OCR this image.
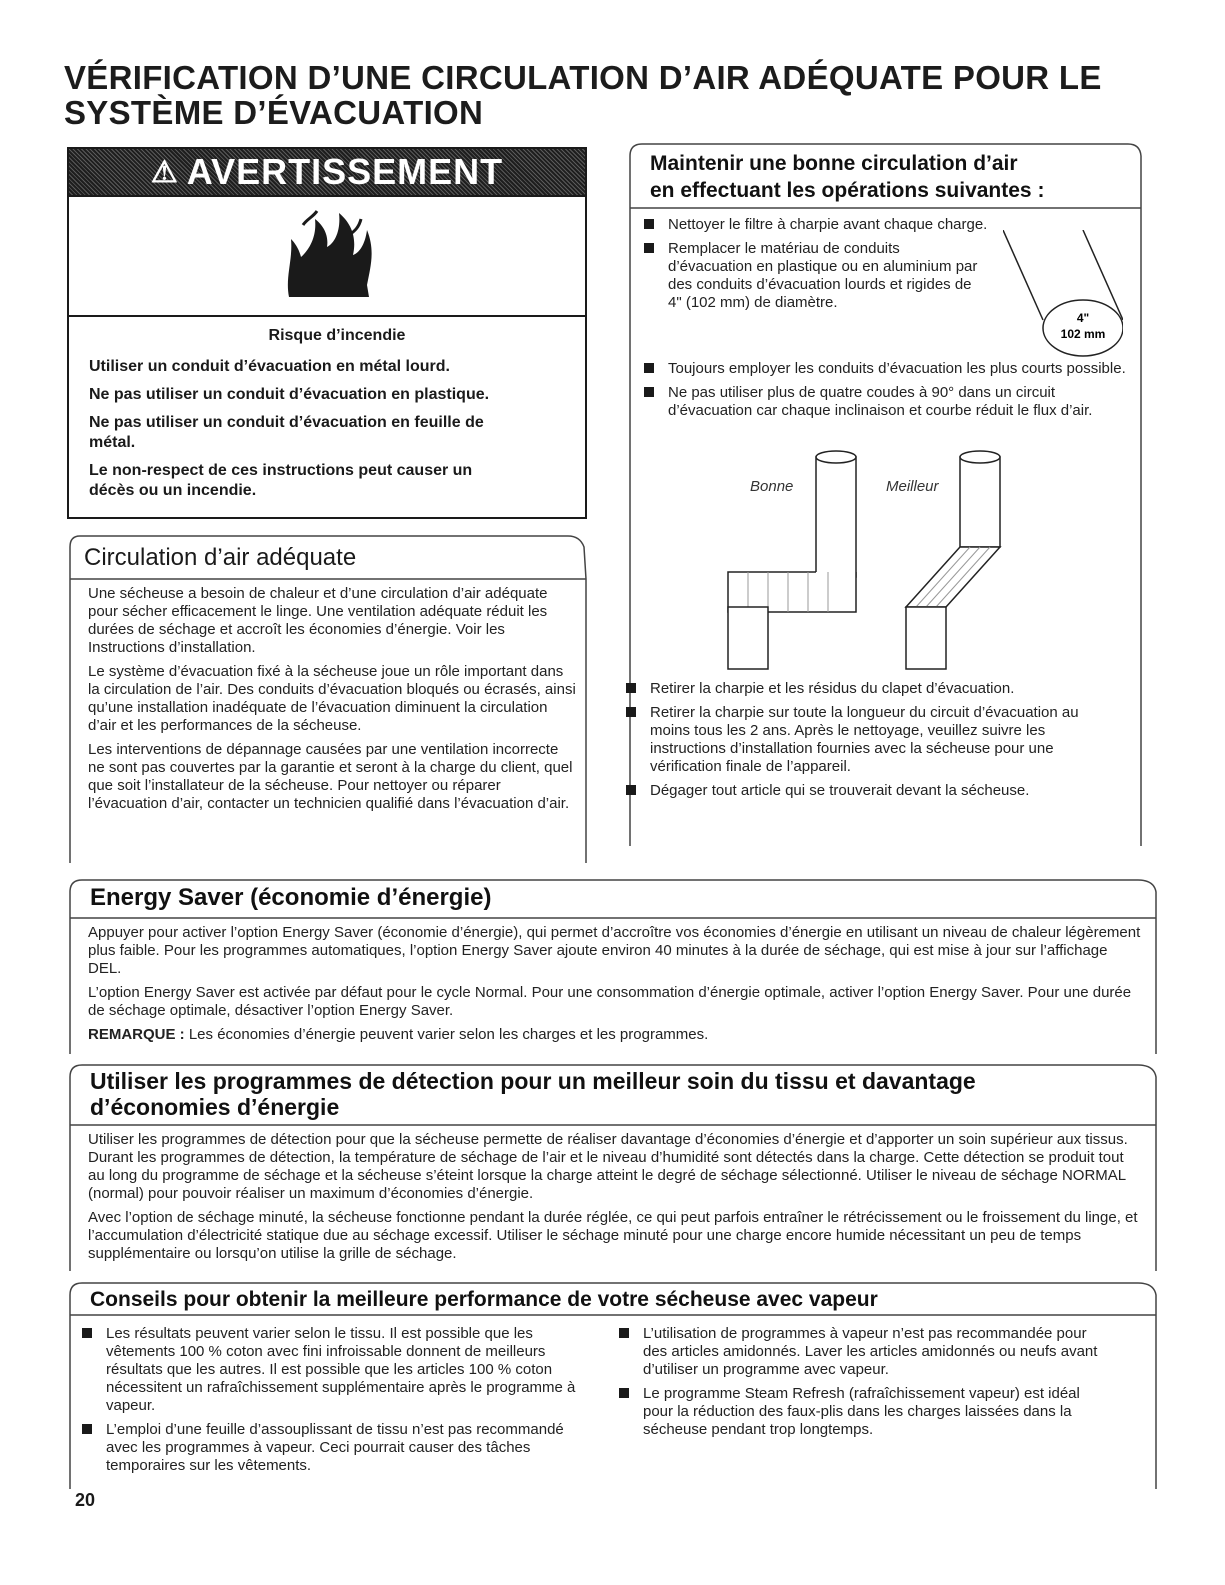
VÉRIFICATION D’UNE CIRCULATION D’AIR ADÉQUATE POUR LE
SYSTÈME D’ÉVACUATION
⚠ AVERTISSEMENT
Risque d’incendie
Utiliser un conduit d’évacuation en métal lourd.
Ne pas utiliser un conduit d’évacuation en plastique.
Ne pas utiliser un conduit d’évacuation en feuille de métal.
Le non-respect de ces instructions peut causer un décès ou un incendie.
Circulation d’air adéquate

Une sécheuse a besoin de chaleur et d’une circulation d’air adéquate pour sécher efficacement le linge. Une ventilation adéquate réduit les durées de séchage et accroît les économies d’énergie. Voir les Instructions d’installation.

Le système d’évacuation fixé à la sécheuse joue un rôle important dans la circulation de l’air. Des conduits d’évacuation bloqués ou écrasés, ainsi qu’une installation inadéquate de l’évacuation diminuent la circulation d’air et les performances de la sécheuse.

Les interventions de dépannage causées par une ventilation incorrecte ne sont pas couvertes par la garantie et seront à la charge du client, quel que soit l’installateur de la sécheuse. Pour nettoyer ou réparer l’évacuation d’air, contacter un technicien qualifié dans l’évacuation d’air.

Maintenir une bonne circulation d’air
en effectuant les opérations suivantes :
Nettoyer le filtre à charpie avant chaque charge.
Remplacer le matériau de conduits d’évacuation en plastique ou en aluminium par des conduits d’évacuation lourds et rigides de 4" (102 mm) de diamètre.
4"
102 mm
Toujours employer les conduits d’évacuation les plus courts possible.
Ne pas utiliser plus de quatre coudes à 90° dans un circuit d’évacuation car chaque inclinaison et courbe réduit le flux d’air.
Bonne	Meilleur
Retirer la charpie et les résidus du clapet d’évacuation.
Retirer la charpie sur toute la longueur du circuit d’évacuation au moins tous les 2 ans. Après le nettoyage, veuillez suivre les instructions d’installation fournies avec la sécheuse pour une vérification finale de l’appareil.
Dégager tout article qui se trouverait devant la sécheuse.
Energy Saver (économie d’énergie)

Appuyer pour activer l’option Energy Saver (économie d’énergie), qui permet d’accroître vos économies d’énergie en utilisant un niveau de chaleur légèrement plus faible. Pour les programmes automatiques, l’option Energy Saver ajoute environ 40 minutes à la durée de séchage, qui est mise à jour sur l’affichage DEL.

L’option Energy Saver est activée par défaut pour le cycle Normal. Pour une consommation d’énergie optimale, activer l’option Energy Saver. Pour une durée de séchage optimale, désactiver l’option Energy Saver.

REMARQUE : Les économies d’énergie peuvent varier selon les charges et les programmes.

Utiliser les programmes de détection pour un meilleur soin du tissu et davantage
d’économies d’énergie

Utiliser les programmes de détection pour que la sécheuse permette de réaliser davantage d’économies d’énergie et d’apporter un soin supérieur aux tissus. Durant les programmes de détection, la température de séchage de l’air et le niveau d’humidité sont détectés dans la charge. Cette détection se produit tout au long du programme de séchage et la sécheuse s’éteint lorsque la charge atteint le degré de séchage sélectionné. Utiliser le niveau de séchage NORMAL (normal) pour pouvoir réaliser un maximum d’économies d’énergie.

Avec l’option de séchage minuté, la sécheuse fonctionne pendant la durée réglée, ce qui peut parfois entraîner le rétrécissement ou le froissement du linge, et l’accumulation d’électricité statique due au séchage excessif. Utiliser le séchage minuté pour une charge encore humide nécessitant un peu de temps supplémentaire ou lorsqu’on utilise la grille de séchage.

Conseils pour obtenir la meilleure performance de votre sécheuse avec vapeur
Les résultats peuvent varier selon le tissu. Il est possible que les vêtements 100 % coton avec fini infroissable donnent de meilleurs résultats que les autres. Il est possible que les articles 100 % coton nécessitent un rafraîchissement supplémentaire après le programme à vapeur.
L’emploi d’une feuille d’assouplissant de tissu n’est pas recommandé avec les programmes à vapeur. Ceci pourrait causer des tâches temporaires sur les vêtements.
L’utilisation de programmes à vapeur n’est pas recommandée pour des articles amidonnés. Laver les articles amidonnés ou neufs avant d’utiliser un programme avec vapeur.
Le programme Steam Refresh (rafraîchissement vapeur) est idéal pour la réduction des faux-plis dans les charges laissées dans la sécheuse pendant trop longtemps.
20
